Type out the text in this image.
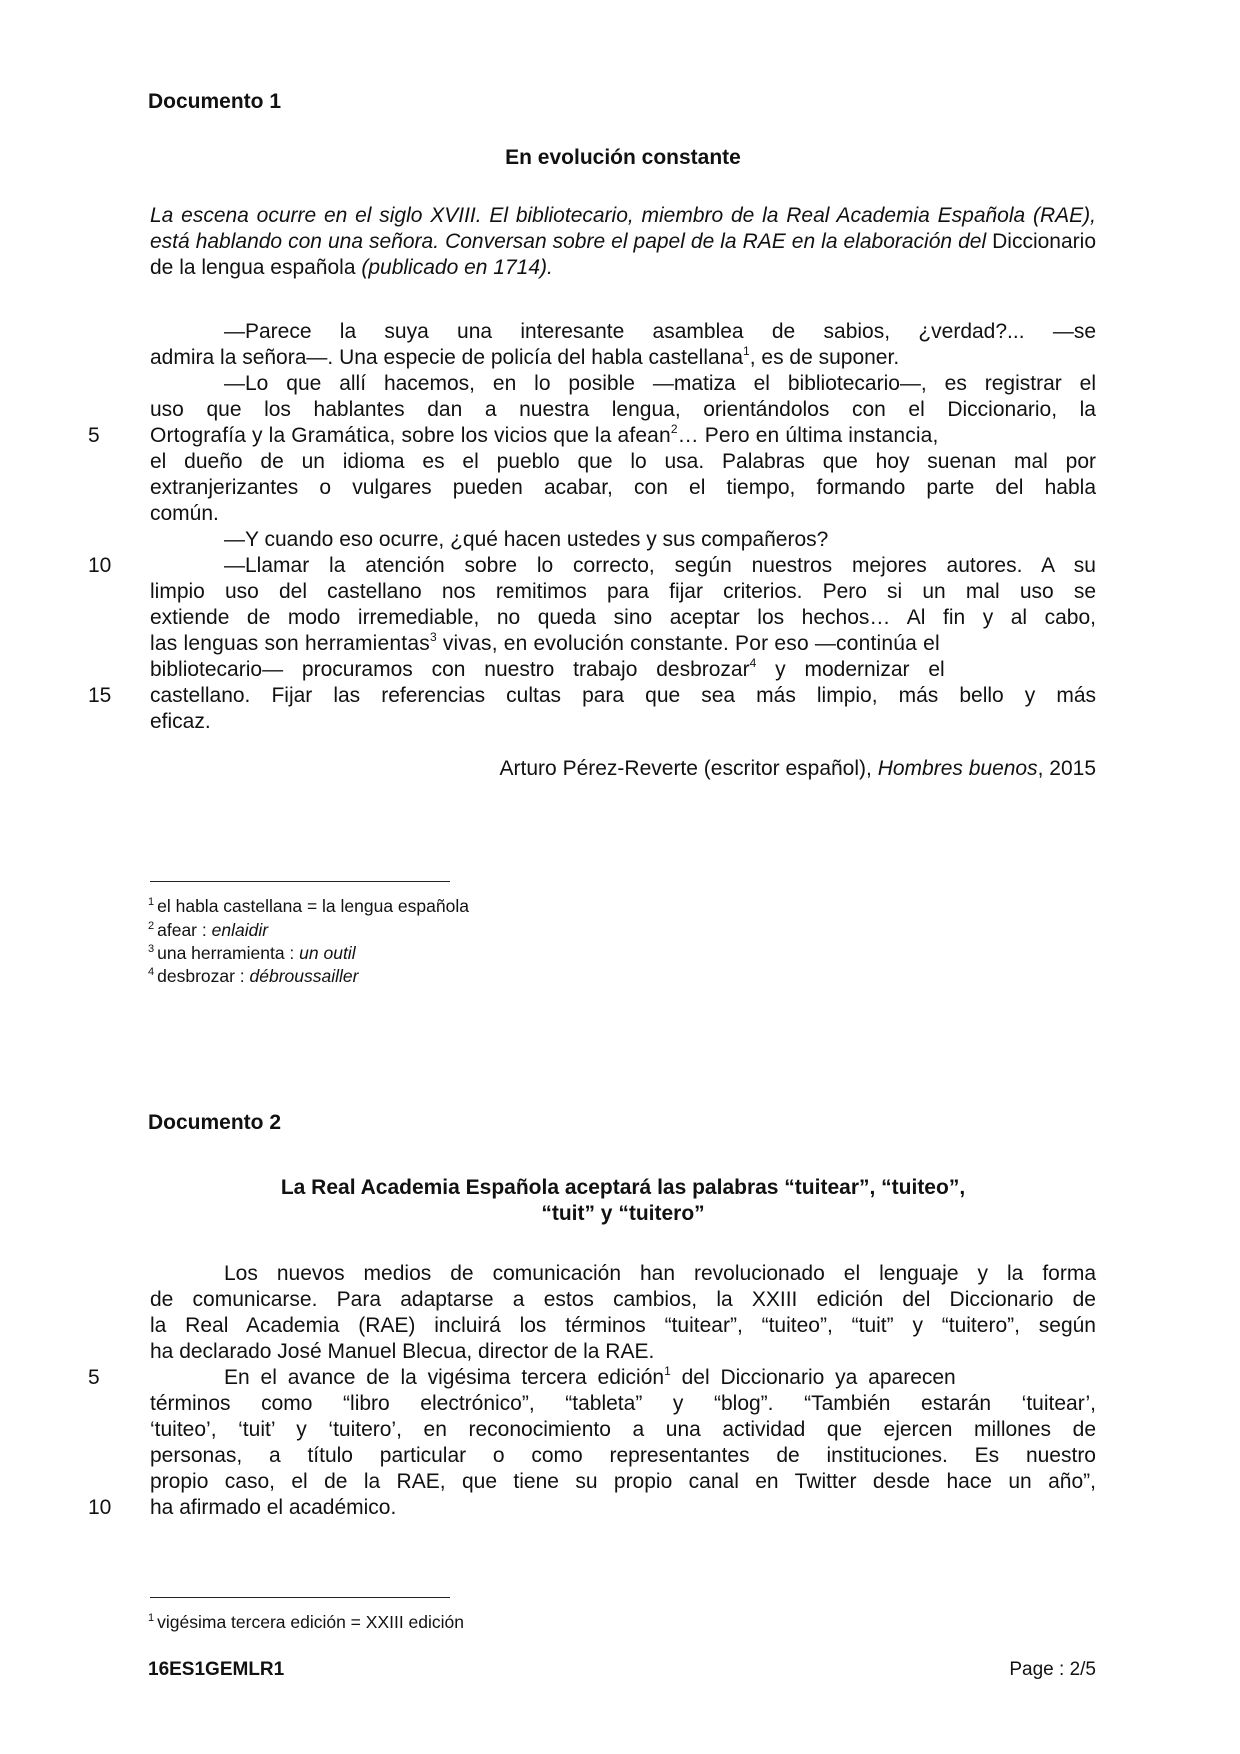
Documento 1
En evolución constante
La escena ocurre en el siglo XVIII. El bibliotecario, miembro de la Real Academia Española (RAE), está hablando con una señora. Conversan sobre el papel de la RAE en la elaboración del Diccionario de la lengua española (publicado en 1714).
—Parece la suya una interesante asamblea de sabios, ¿verdad?... —se
admira la señora—. Una especie de policía del habla castellana$^1$, es de suponer.
—Lo que allí hacemos, en lo posible —matiza el bibliotecario—, es registrar el
uso que los hablantes dan a nuestra lengua, orientándolos con el Diccionario, la
Ortografía y la Gramática, sobre los vicios que la afean$^2$… Pero en última instancia,
el dueño de un idioma es el pueblo que lo usa. Palabras que hoy suenan mal por
extranjerizantes o vulgares pueden acabar, con el tiempo, formando parte del habla
común.
—Y cuando eso ocurre, ¿qué hacen ustedes y sus compañeros?
—Llamar la atención sobre lo correcto, según nuestros mejores autores. A su
limpio uso del castellano nos remitimos para fijar criterios. Pero si un mal uso se
extiende de modo irremediable, no queda sino aceptar los hechos… Al fin y al cabo,
las lenguas son herramientas$^3$ vivas, en evolución constante. Por eso —continúa el
bibliotecario— procuramos con nuestro trabajo desbrozar$^4$ y modernizar el
castellano. Fijar las referencias cultas para que sea más limpio, más bello y más
eficaz.
5
10
15
Arturo Pérez-Reverte (escritor español), Hombres buenos, 2015
$^1$ el habla castellana = la lengua española
$^2$ afear : enlaidir
$^3$ una herramienta : un outil
$^4$ desbrozar : débroussailler
Documento 2
La Real Academia Española aceptará las palabras “tuitear”, “tuiteo”,
“tuit” y “tuitero”
Los nuevos medios de comunicación han revolucionado el lenguaje y la forma
de comunicarse. Para adaptarse a estos cambios, la XXIII edición del Diccionario de
la Real Academia (RAE) incluirá los términos “tuitear”, “tuiteo”, “tuit” y “tuitero”, según
ha declarado José Manuel Blecua, director de la RAE.
En el avance de la vigésima tercera edición$^1$ del Diccionario ya aparecen
términos como “libro electrónico”, “tableta” y “blog”. “También estarán ‘tuitear’,
‘tuiteo’, ‘tuit’ y ‘tuitero’, en reconocimiento a una actividad que ejercen millones de
personas, a título particular o como representantes de instituciones. Es nuestro
propio caso, el de la RAE, que tiene su propio canal en Twitter desde hace un año”,
ha afirmado el académico.
5
10
$^1$ vigésima tercera edición = XXIII edición
16ES1GEMLR1	Page : 2/5
